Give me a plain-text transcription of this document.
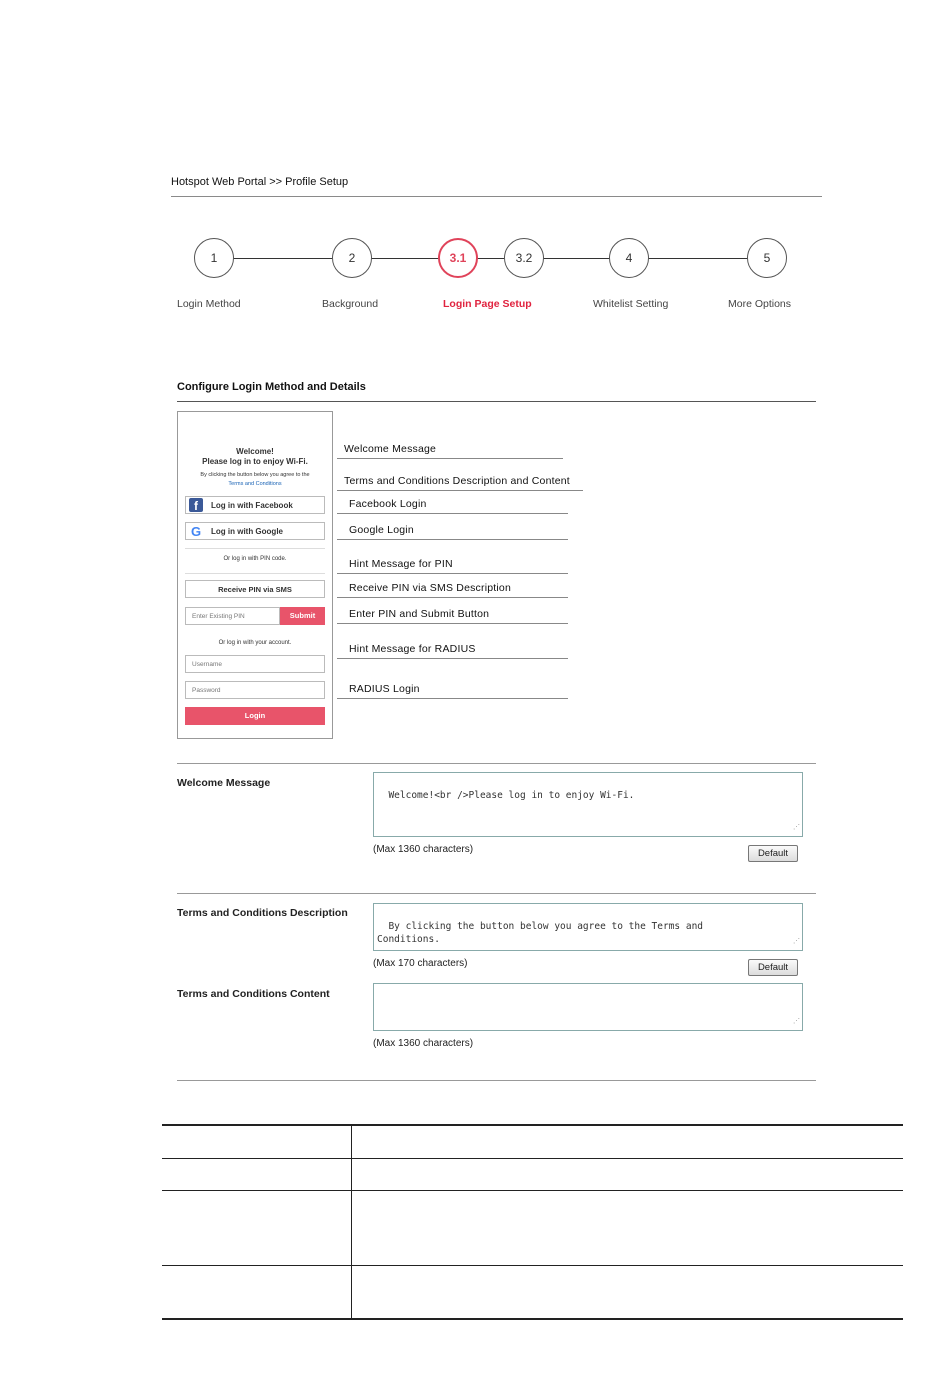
Hotspot Web Portal >> Profile Setup
1	2	3.1	3.2	4	5
Login Method	Background	Login Page Setup	Whitelist Setting	More Options
Configure Login Method and Details
Welcome!
Please log in to enjoy Wi-Fi.
By clicking the button below you agree to the
Terms and Conditions
f	Log in with Facebook
G Log in with Google
Or log in with PIN code.
Receive PIN via SMS
Enter Existing PIN	Submit
Or log in with your account.
Username
Password
Login
Welcome Message
Terms and Conditions Description and Content
Facebook Login
Google Login
Hint Message for PIN
Receive PIN via SMS Description
Enter PIN and Submit Button
Hint Message for RADIUS
RADIUS Login
Welcome Message

Welcome!<br />Please log in to enjoy Wi-Fi.

⋰

(Max 1360 characters)	Default
Terms and Conditions Description

By clicking the button below you agree to the Terms and
Conditions.
	⋰

(Max 170 characters)	Default
Terms and Conditions Content

⋰

(Max 1360 characters)
